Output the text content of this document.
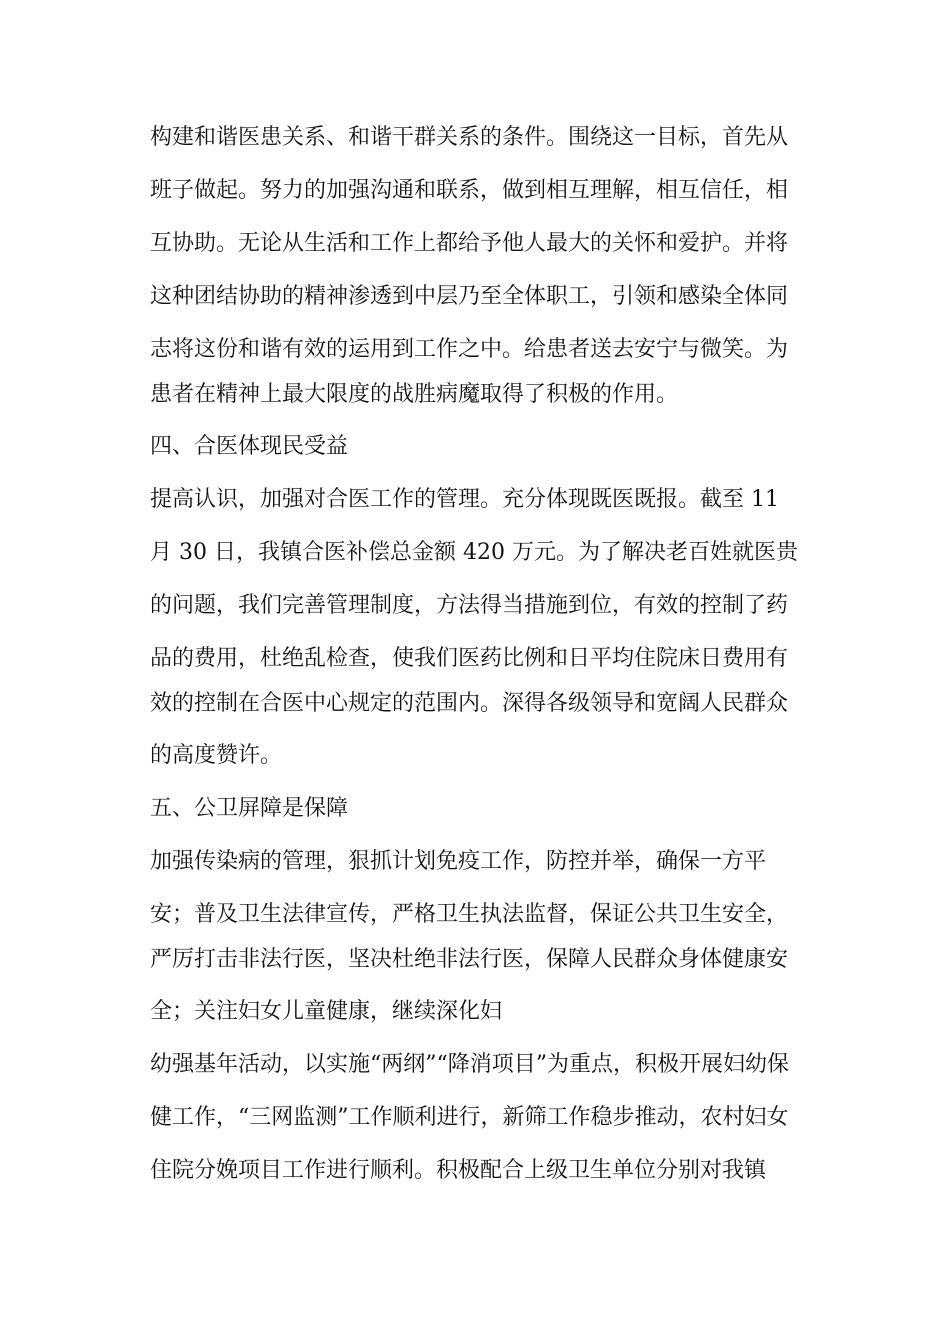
构建和谐医患关系、和谐干群关系的条件。围绕这一目标，首先从
班子做起。努力的加强沟通和联系，做到相互理解，相互信任，相
互协助。无论从生活和工作上都给予他人最大的关怀和爱护。并将
这种团结协助的精神渗透到中层乃至全体职工，引领和感染全体同
志将这份和谐有效的运用到工作之中。给患者送去安宁与微笑。为
患者在精神上最大限度的战胜病魔取得了积极的作用。
四、合医体现民受益
提高认识，加强对合医工作的管理。充分体现既医既报。截至 11
月 30 日，我镇合医补偿总金额 420 万元。为了解决老百姓就医贵
的问题，我们完善管理制度，方法得当措施到位，有效的控制了药
品的费用，杜绝乱检查，使我们医药比例和日平均住院床日费用有
效的控制在合医中心规定的范围内。深得各级领导和宽阔人民群众
的高度赞许。
五、公卫屏障是保障
加强传染病的管理，狠抓计划免疫工作，防控并举，确保一方平
安；普及卫生法律宣传，严格卫生执法监督，保证公共卫生安全，
严厉打击非法行医，坚决杜绝非法行医，保障人民群众身体健康安
全；关注妇女儿童健康，继续深化妇
幼强基年活动，以实施“两纲”“降消项目”为重点，积极开展妇幼保
健工作，“三网监测”工作顺利进行，新筛工作稳步推动，农村妇女
住院分娩项目工作进行顺利。积极配合上级卫生单位分别对我镇
